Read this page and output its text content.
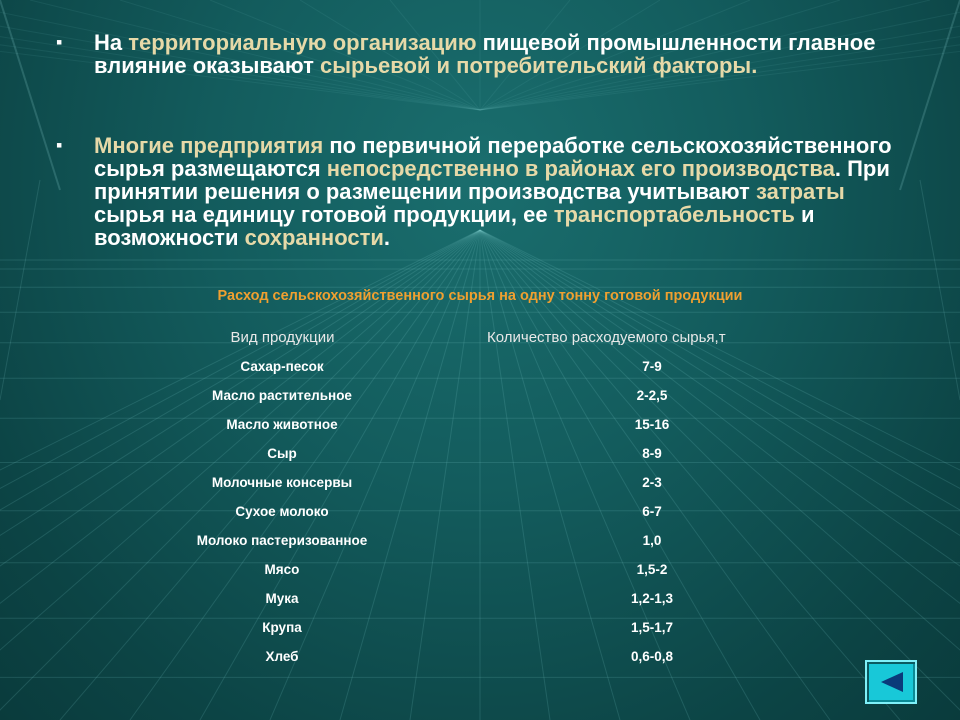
▪ На территориальную организацию пищевой промышленности главное влияние оказывают сырьевой и потребительский факторы.
▪ Многие предприятия по первичной переработке сельскохозяйственного сырья размещаются непосредственно в районах его производства. При принятии решения о размещении производства учитывают затраты сырья на единицу готовой продукции, ее транспортабельность и возможности сохранности.
Расход сельскохозяйственного сырья на одну тонну готовой продукции
Вид продукции	Количество расходуемого сырья,т
Сахар-песок	7-9
Масло растительное	2-2,5
Масло животное	15-16
Сыр	8-9
Молочные консервы	2-3
Сухое молоко	6-7
Молоко пастеризованное	1,0
Мясо	1,5-2
Мука	1,2-1,3
Крупа	1,5-1,7
Хлеб	0,6-0,8
